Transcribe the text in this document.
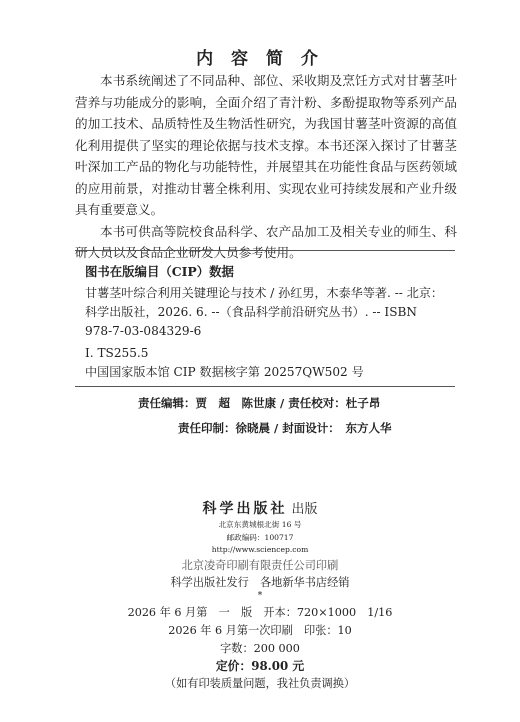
内 容 简 介

本书系统阐述了不同品种、部位、采收期及烹饪方式对甘薯茎叶营养与功能成分的影响，全面介绍了青汁粉、多酚提取物等系列产品的加工技术、品质特性及生物活性研究，为我国甘薯茎叶资源的高值化利用提供了坚实的理论依据与技术支撑。本书还深入探讨了甘薯茎叶深加工产品的物化与功能特性，并展望其在功能性食品与医药领域的应用前景，对推动甘薯全株利用、实现农业可持续发展和产业升级具有重要意义。

本书可供高等院校食品科学、农产品加工及相关专业的师生、科研人员以及食品企业研发人员参考使用。

图书在版编目（CIP）数据
甘薯茎叶综合利用关键理论与技术 / 孙红男，木泰华等著. -- 北京：
科学出版社，2026. 6. --（食品科学前沿研究丛书）. -- ISBN
978-7-03-084329-6
Ⅰ. TS255.5
中国国家版本馆 CIP 数据核字第 20257QW502 号
责任编辑：贾　超　陈世康 / 责任校对：杜子昂
责任印制：徐晓晨 / 封面设计：　东方人华
科学出版社 出版
北京东黄城根北街 16 号
邮政编码：100717
http://www.sciencep.com
北京凌奇印刷有限责任公司印刷
科学出版社发行　各地新华书店经销
*
2026 年 6 月第　一　版　开本：720×1000　1/16
2026 年 6 月第一次印刷　印张：10
字数：200 000
定价：98.00 元
（如有印装质量问题，我社负责调换）
